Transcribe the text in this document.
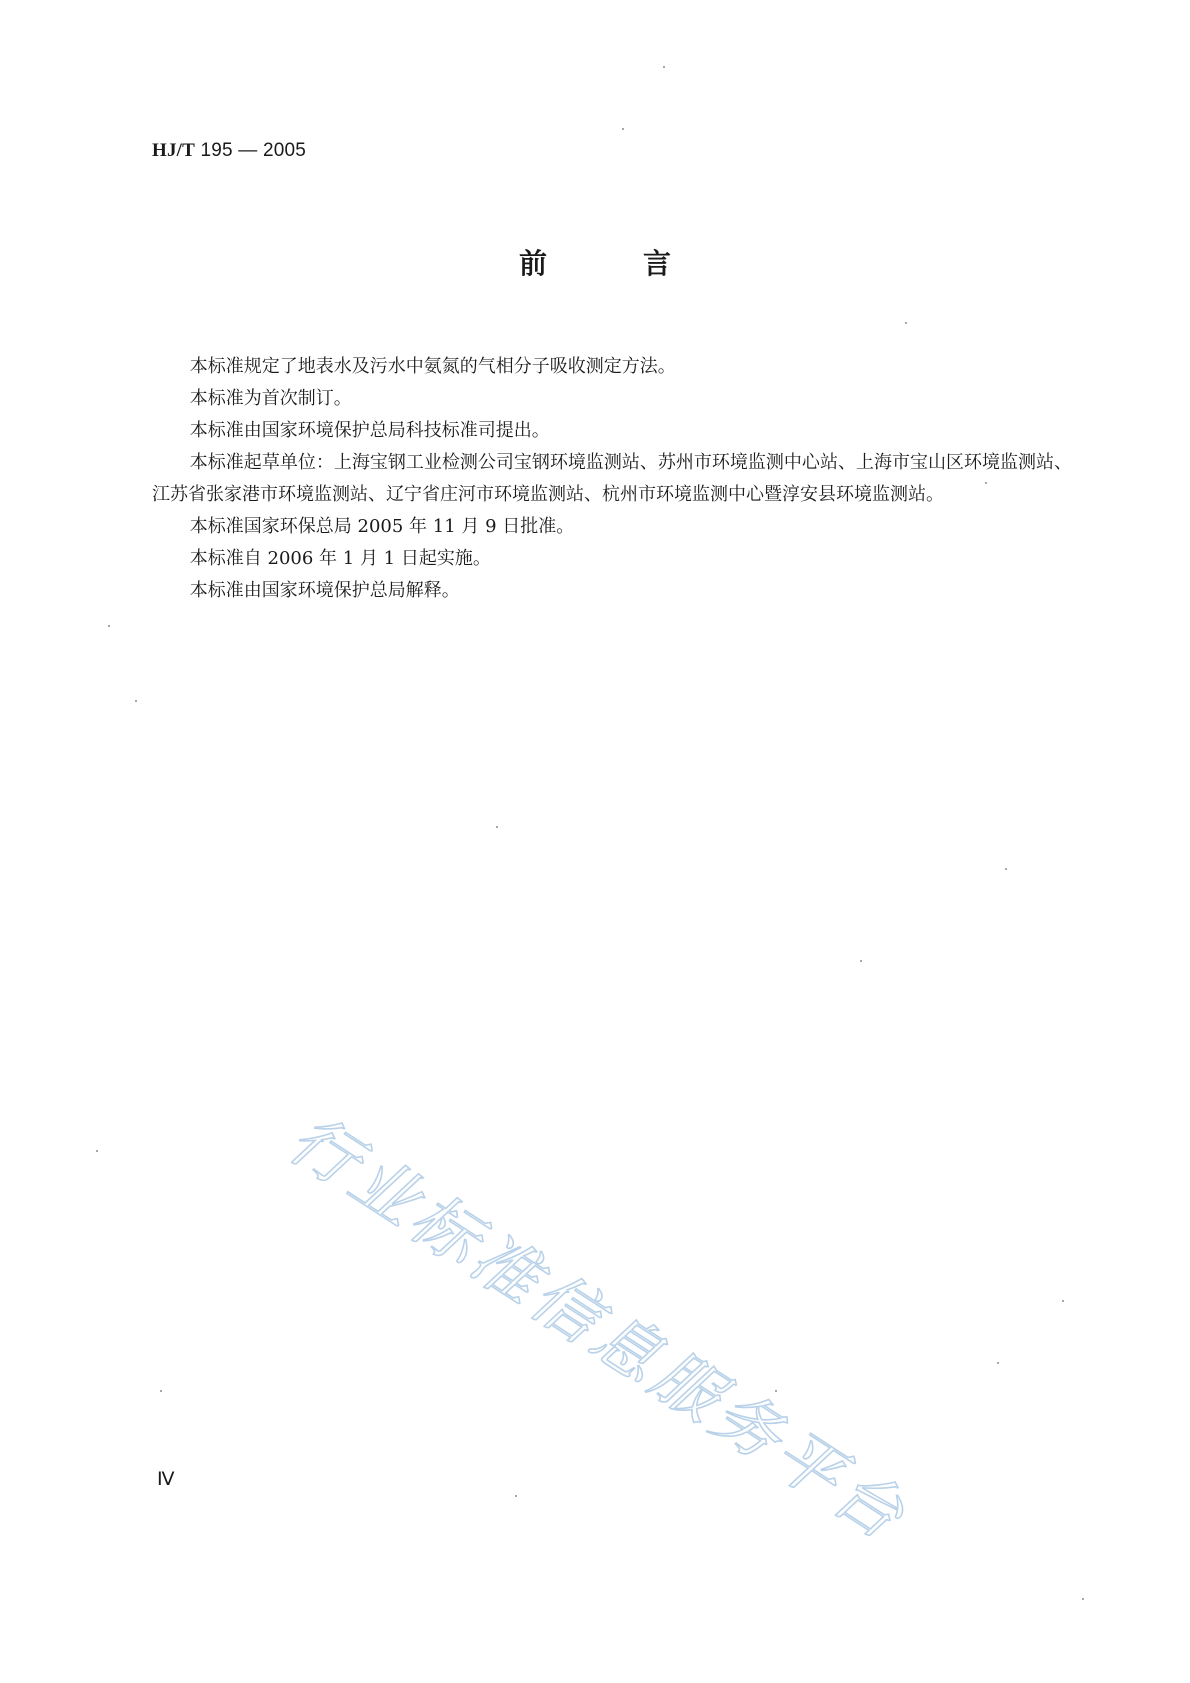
HJ/T 195 — 2005
前言

本标准规定了地表水及污水中氨氮的气相分子吸收测定方法。

本标准为首次制订。

本标准由国家环境保护总局科技标准司提出。

本标准起草单位：上海宝钢工业检测公司宝钢环境监测站、苏州市环境监测中心站、上海市宝山区环境监测站、江苏省张家港市环境监测站、辽宁省庄河市环境监测站、杭州市环境监测中心暨淳安县环境监测站。

本标准国家环保总局 2005 年 11 月 9 日批准。

本标准自 2006 年 1 月 1 日起实施。

本标准由国家环境保护总局解释。

行业标准信息服务平台
Ⅳ
